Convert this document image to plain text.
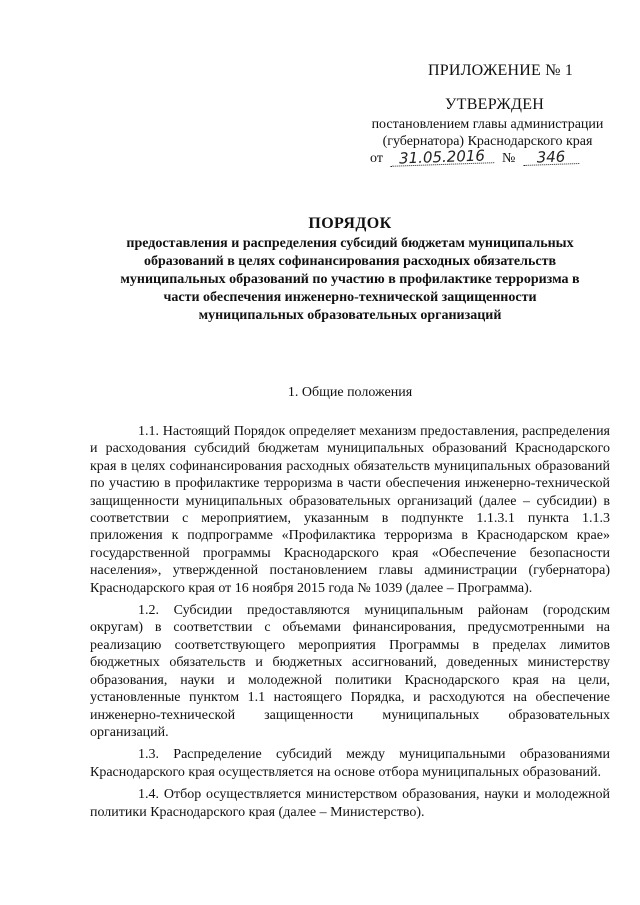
ПРИЛОЖЕНИЕ № 1
УТВЕРЖДЕН
постановлением главы администрации
(губернатора) Краснодарского края
от 31.05.2016 № 346
ПОРЯДОК
предоставления и распределения субсидий бюджетам муниципальных образований в целях софинансирования расходных обязательств муниципальных образований по участию в профилактике терроризма в части обеспечения инженерно-технической защищенности муниципальных образовательных организаций
1. Общие положения

1.1. Настоящий Порядок определяет механизм предоставления, распределения и расходования субсидий бюджетам муниципальных образований Краснодарского края в целях софинансирования расходных обязательств муниципальных образований по участию в профилактике терроризма в части обеспечения инженерно-технической защищенности муниципальных образовательных организаций (далее – субсидии) в соответствии с мероприятием, указанным в подпункте 1.1.3.1 пункта 1.1.3 приложения к подпрограмме «Профилактика терроризма в Краснодарском крае» государственной программы Краснодарского края «Обеспечение безопасности населения», утвержденной постановлением главы администрации (губернатора) Краснодарского края от 16 ноября 2015 года № 1039 (далее – Программа).

1.2. Субсидии предоставляются муниципальным районам (городским округам) в соответствии с объемами финансирования, предусмотренными на реализацию соответствующего мероприятия Программы в пределах лимитов бюджетных обязательств и бюджетных ассигнований, доведенных министерству образования, науки и молодежной политики Краснодарского края на цели, установленные пунктом 1.1 настоящего Порядка, и расходуются на обеспечение инженерно-технической защищенности муниципальных образовательных организаций.

1.3. Распределение субсидий между муниципальными образованиями Краснодарского края осуществляется на основе отбора муниципальных образований.

1.4. Отбор осуществляется министерством образования, науки и молодежной политики Краснодарского края (далее – Министерство).
